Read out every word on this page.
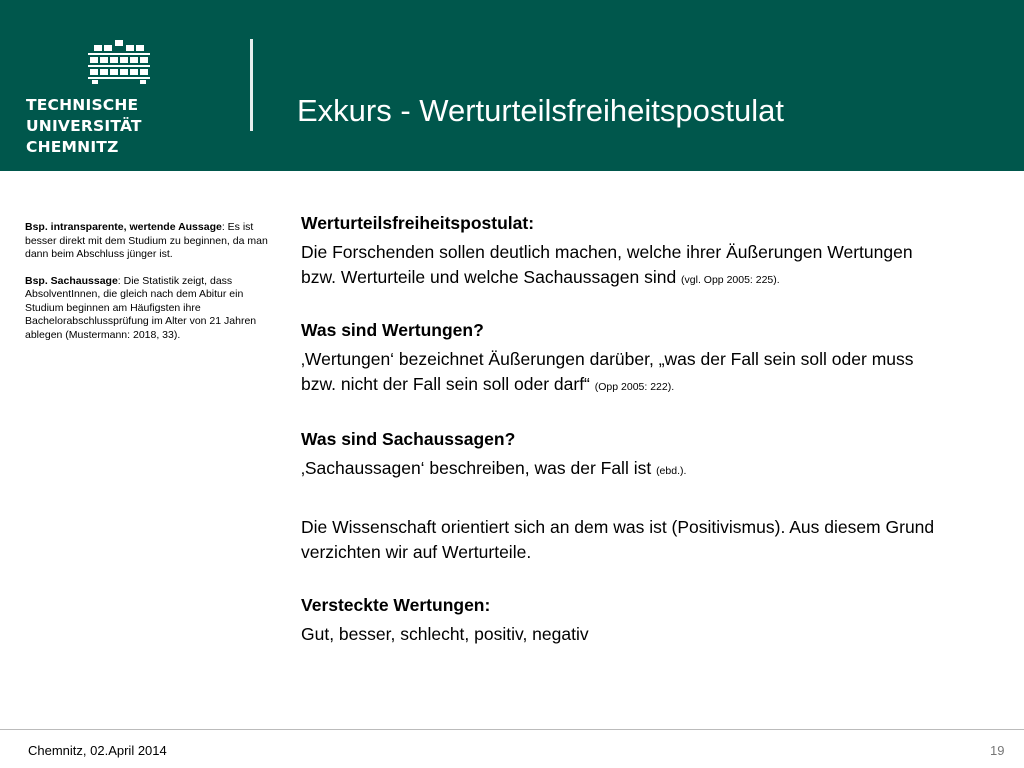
TECHNISCHE UNIVERSITÄT
CHEMNITZ
Exkurs - Werturteilsfreiheitspostulat

Bsp. intransparente, wertende Aussage: Es ist besser direkt mit dem Studium zu beginnen, da man dann beim Abschluss jünger ist.

Bsp. Sachaussage: Die Statistik zeigt, dass AbsolventInnen, die gleich nach dem Abitur ein Studium beginnen am Häufigsten ihre Bachelorabschlussprüfung im Alter von 21 Jahren ablegen (Mustermann: 2018, 33).

Werturteilsfreiheitspostulat:

Die Forschenden sollen deutlich machen, welche ihrer Äußerungen Wertungen
bzw. Werturteile und welche Sachaussagen sind (vgl. Opp 2005: 225).

Was sind Wertungen?

‚Wertungen‘ bezeichnet Äußerungen darüber, „was der Fall sein soll oder muss
bzw. nicht der Fall sein soll oder darf“ (Opp 2005: 222).

Was sind Sachaussagen?

‚Sachaussagen‘ beschreiben, was der Fall ist (ebd.).

Die Wissenschaft orientiert sich an dem was ist (Positivismus). Aus diesem Grund
verzichten wir auf Werturteile.

Versteckte Wertungen:

Gut, besser, schlecht, positiv, negativ

Chemnitz, 02.April 2014	19
